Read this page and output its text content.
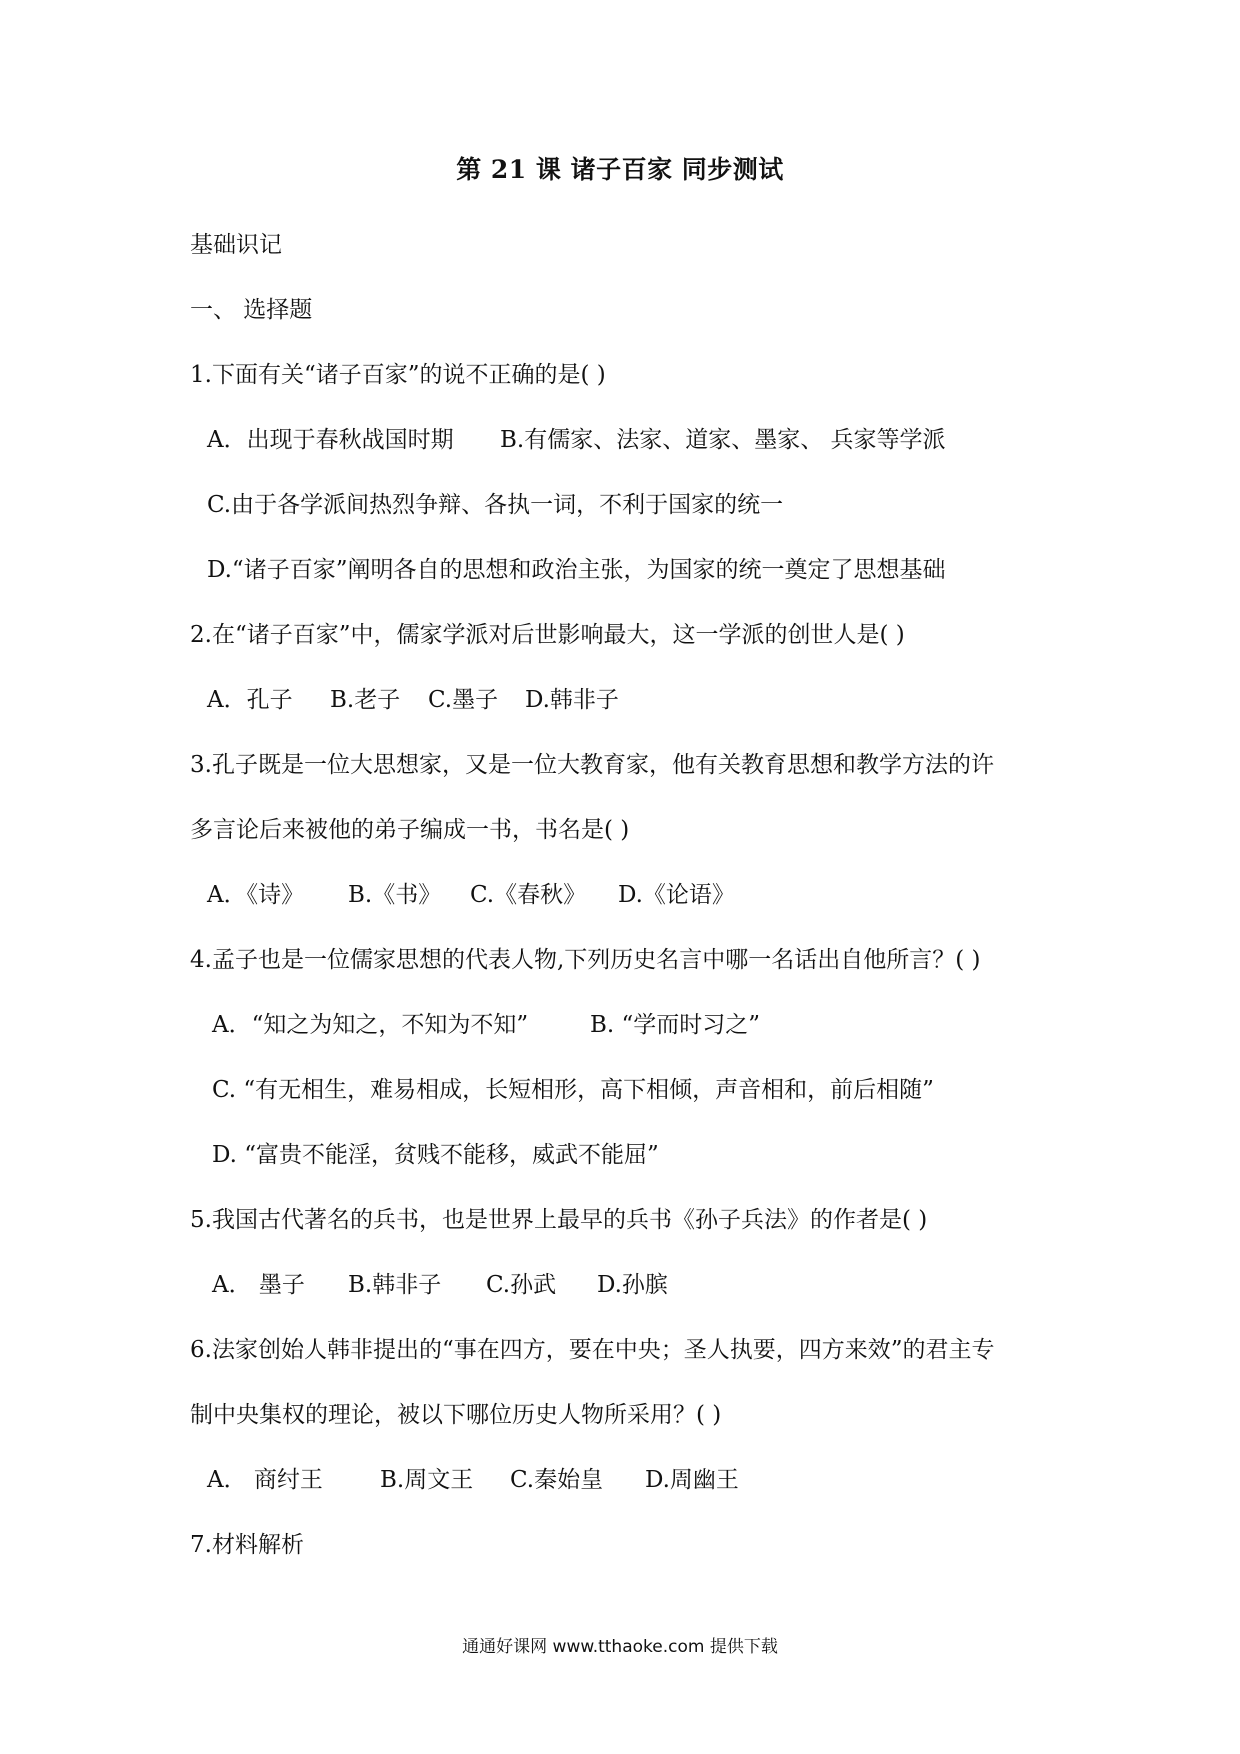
第 21 课 诸子百家 同步测试
基础识记
一、 选择题
1.下面有关“诸子百家”的说不正确的是( )
A．出现于春秋战国时期 B.有儒家、法家、道家、墨家、 兵家等学派
C.由于各学派间热烈争辩、各执一词，不利于国家的统一
D.“诸子百家”阐明各自的思想和政治主张，为国家的统一奠定了思想基础
2.在“诸子百家”中，儒家学派对后世影响最大，这一学派的创世人是( )
A．孔子 B.老子 C.墨子 D.韩非子
3.孔子既是一位大思想家，又是一位大教育家，他有关教育思想和教学方法的许
多言论后来被他的弟子编成一书，书名是( )
A．《诗》 B.《书》 C.《春秋》 D.《论语》
4.孟子也是一位儒家思想的代表人物,下列历史名言中哪一名话出自他所言？( )
A．“知之为知之，不知为不知”	B. “学而时习之”
C. “有无相生，难易相成，长短相形，高下相倾，声音相和，前后相随”
D. “富贵不能淫，贫贱不能移，威武不能屈”
5.我国古代著名的兵书，也是世界上最早的兵书《孙子兵法》的作者是( )
A． 墨子 B.韩非子 C.孙武 D.孙膑
6.法家创始人韩非提出的“事在四方，要在中央；圣人执要，四方来效”的君主专
制中央集权的理论，被以下哪位历史人物所采用？( )
A． 商纣王 B.周文王 C.秦始皇 D.周幽王
7.材料解析
通通好课网 www.tthaoke.com 提供下载
